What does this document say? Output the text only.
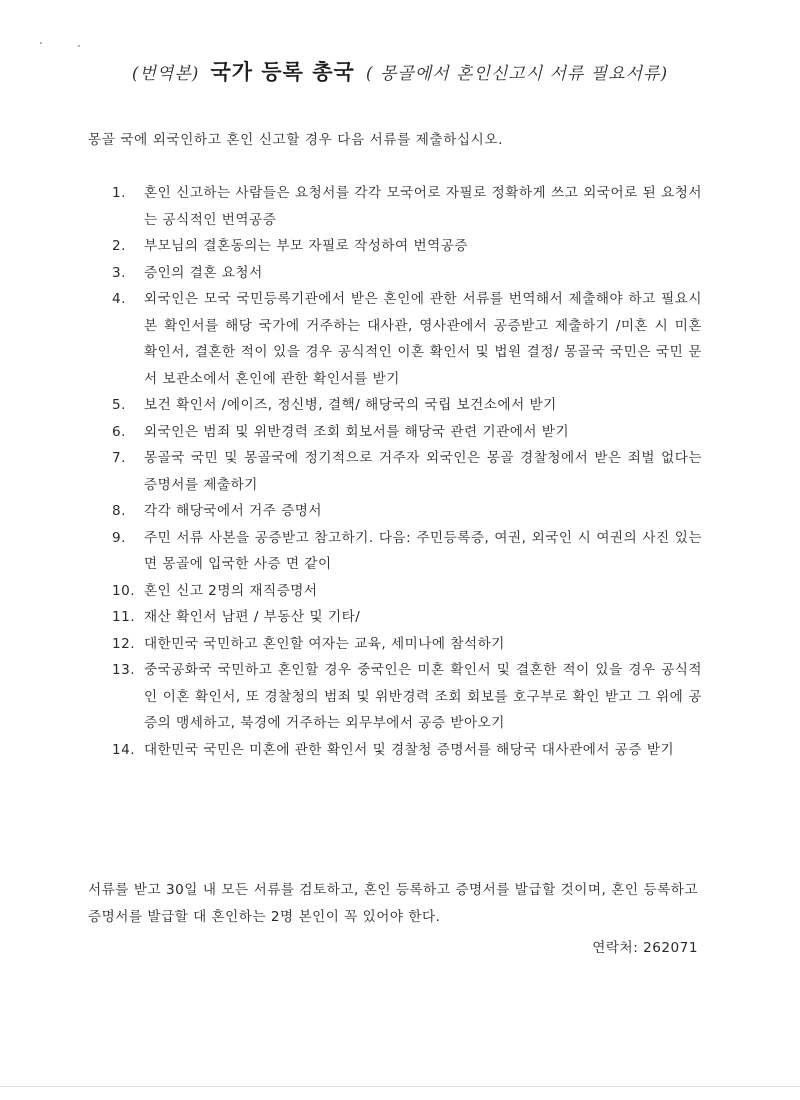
(번역본) 국가 등록 총국 ( 몽골에서 혼인신고시 서류 필요서류)
몽골 국에 외국인하고 혼인 신고할 경우 다음 서류를 제출하십시오.
1.	혼인 신고하는 사람들은 요청서를 각각 모국어로 자필로 정확하게 쓰고 외국어로 된 요청서는 공식적인 번역공증
2.	부모님의 결혼동의는 부모 자필로 작성하여 번역공증
3.	증인의 결혼 요청서
4.	외국인은 모국 국민등록기관에서 받은 혼인에 관한 서류를 번역해서 제출해야 하고 필요시 본 확인서를 해당 국가에 거주하는 대사관, 영사관에서 공증받고 제출하기 /미혼 시 미혼 확인서, 결혼한 적이 있을 경우 공식적인 이혼 확인서 및 법원 결정/ 몽골국 국민은 국민 문서 보관소에서 혼인에 관한 확인서를 받기
5.	보건 확인서 /에이즈, 정신병, 결핵/ 해당국의 국립 보건소에서 받기
6.	외국인은 범죄 및 위반경력 조회 회보서를 해당국 관련 기관에서 받기
7.	몽골국 국민 및 몽골국에 정기적으로 거주자 외국인은 몽골 경찰청에서 받은 죄벌 없다는 증명서를 제출하기
8.	각각 해당국에서 거주 증명서
9.	주민 서류 사본을 공증받고 참고하기. 다음: 주민등록증, 여권, 외국인 시 여권의 사진 있는 면 몽골에 입국한 사증 면 같이
10. 혼인 신고 2명의 재직증명서
11. 재산 확인서 남편 / 부동산 및 기타/
12. 대한민국 국민하고 혼인할 여자는 교육, 세미나에 참석하기
13. 중국공화국 국민하고 혼인할 경우 중국인은 미혼 확인서 및 결혼한 적이 있을 경우 공식적인 이혼 확인서, 또 경찰청의 범죄 및 위반경력 조회 회보를 호구부로 확인 받고 그 위에 공증의 맹세하고, 북경에 거주하는 외무부에서 공증 받아오기
14. 대한민국 국민은 미혼에 관한 확인서 및 경찰청 증명서를 해당국 대사관에서 공증 받기
서류를 받고 30일 내 모든 서류를 검토하고, 혼인 등록하고 증명서를 발급할 것이며, 혼인 등록하고 증명서를 발급할 대 혼인하는 2명 본인이 꼭 있어야 한다.
연락처: 262071
